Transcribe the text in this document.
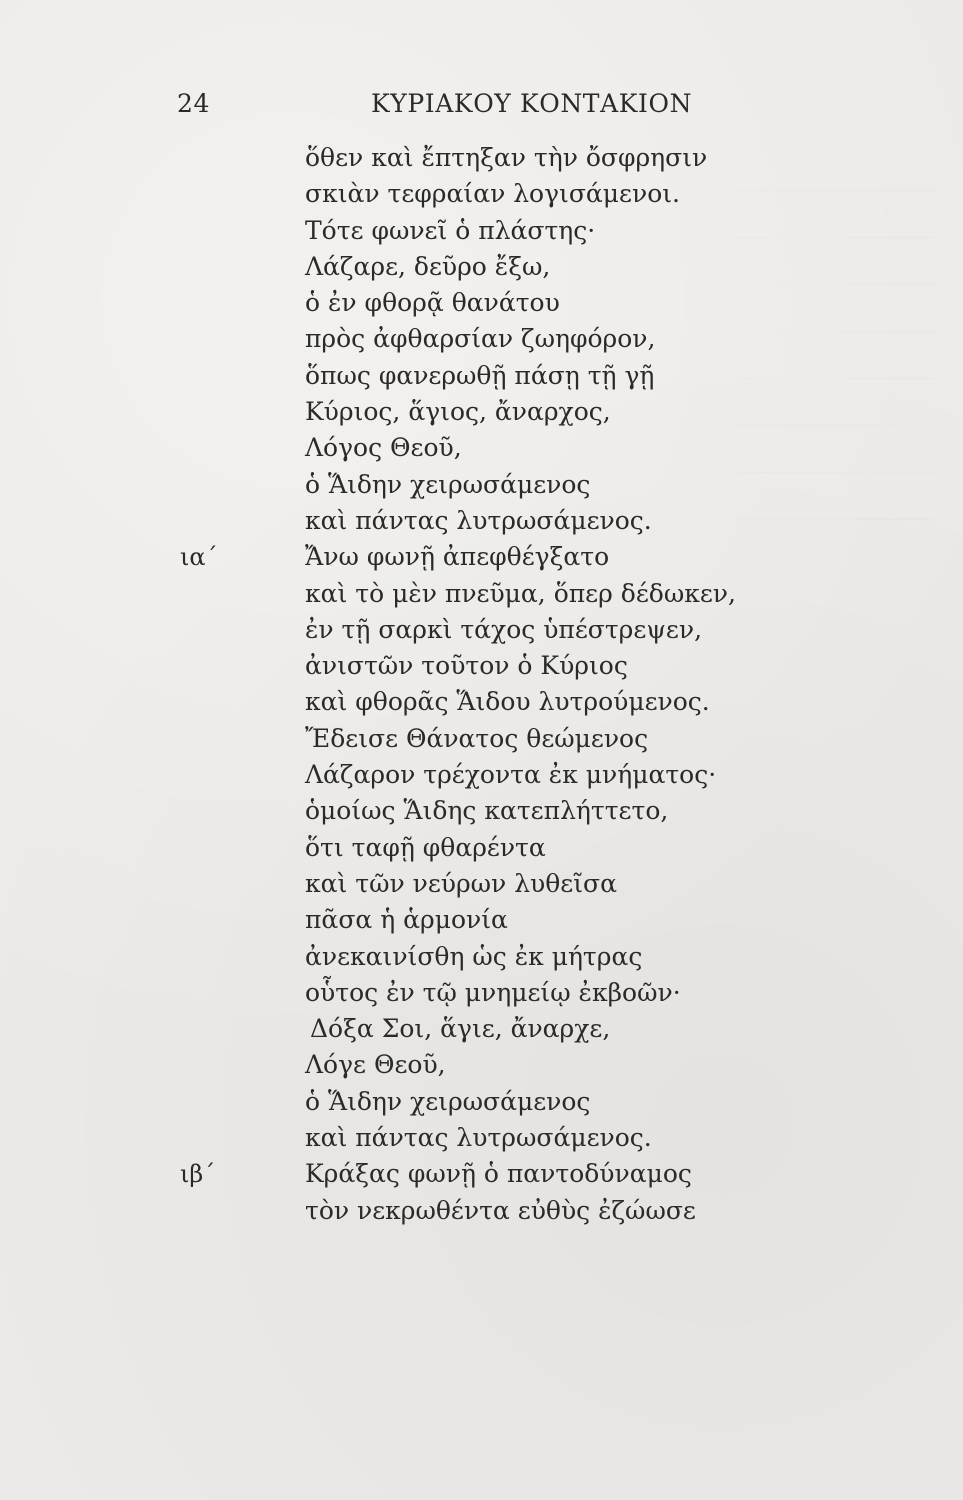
24	ΚΥΡΙΑΚΟΥ ΚΟΝΤΑΚΙΟΝ
ὅθεν καὶ ἔπτηξαν τὴν ὄσφρησιν
σκιὰν τεφραίαν λογισάμενοι.
Τότε φωνεῖ ὁ πλάστης·
Λάζαρε, δεῦρο ἔξω,
ὁ ἐν φθορᾷ θανάτου
πρὸς ἀφθαρσίαν ζωηφόρον,
ὅπως φανερωθῇ πάσῃ τῇ γῇ
Κύριος, ἅγιος, ἄναρχος,
Λόγος Θεοῦ,
ὁ Ἅιδην χειρωσάμενος
καὶ πάντας λυτρωσάμενος.
ια´	Ἄνω φωνῇ ἀπεφθέγξατο
καὶ τὸ μὲν πνεῦμα, ὅπερ δέδωκεν,
ἐν τῇ σαρκὶ τάχος ὑπέστρεψεν,
ἀνιστῶν τοῦτον ὁ Κύριος
καὶ φθορᾶς Ἅιδου λυτρούμενος.
Ἔδεισε Θάνατος θεώμενος
Λάζαρον τρέχοντα ἐκ μνήματος·
ὁμοίως Ἅιδης κατεπλήττετο,
ὅτι ταφῇ φθαρέντα
καὶ τῶν νεύρων λυθεῖσα
πᾶσα ἡ ἁρμονία
ἀνεκαινίσθη ὡς ἐκ μήτρας
οὗτος ἐν τῷ μνημείῳ ἐκβοῶν·
Δόξα Σοι, ἅγιε, ἄναρχε,
Λόγε Θεοῦ,
ὁ Ἅιδην χειρωσάμενος
καὶ πάντας λυτρωσάμενος.
ιβ´	Κράξας φωνῇ ὁ παντοδύναμος
τὸν νεκρωθέντα εὐθὺς ἐζώωσε
